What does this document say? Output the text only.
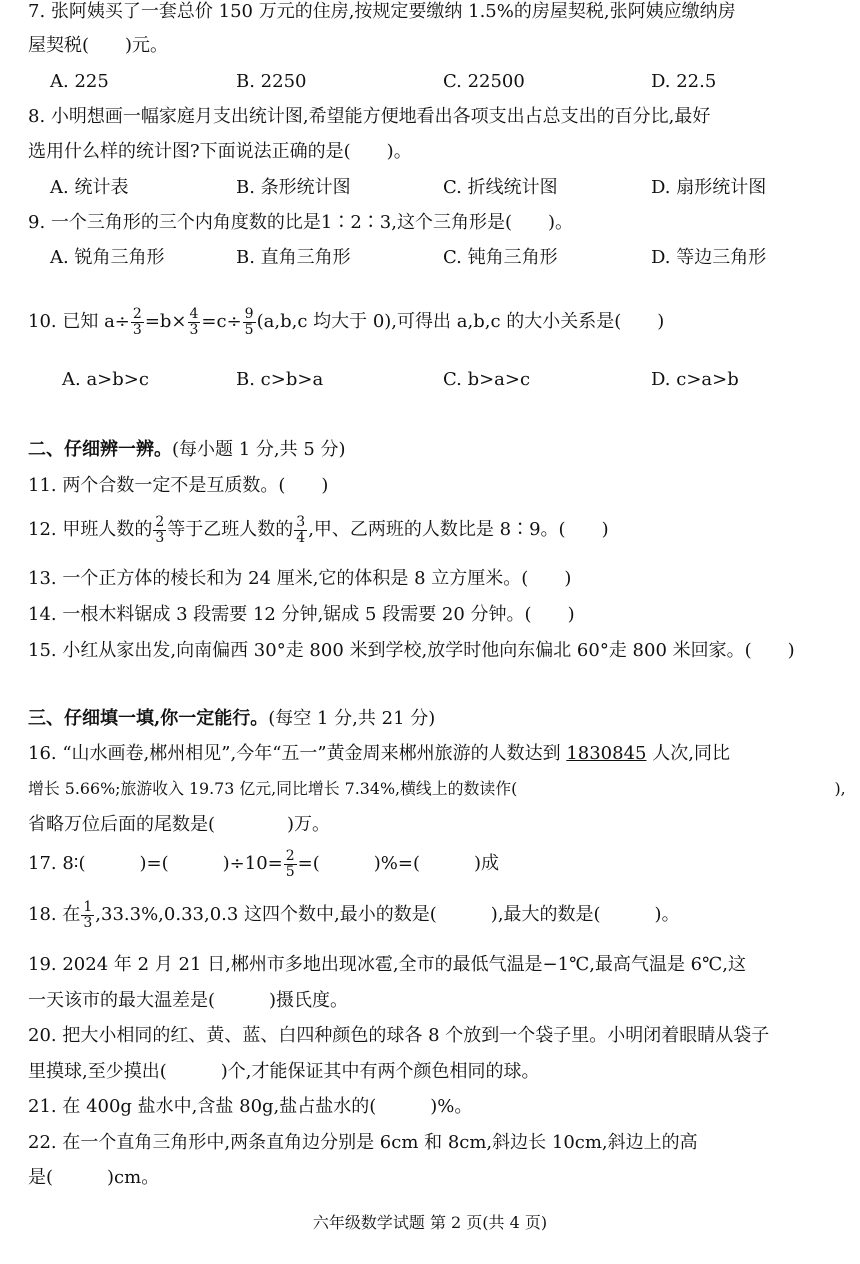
7. 张阿姨买了一套总价 150 万元的住房,按规定要缴纳 1.5%的房屋契税,张阿姨应缴纳房
屋契税(　　)元。
A. 225	B. 2250	C. 22500	D. 22.5
8. 小明想画一幅家庭月支出统计图,希望能方便地看出各项支出占总支出的百分比,最好
选用什么样的统计图?下面说法正确的是(　　)。
A. 统计表	B. 条形统计图	C. 折线统计图	D. 扇形统计图
9. 一个三角形的三个内角度数的比是1∶2∶3,这个三角形是(　　)。
A. 锐角三角形	B. 直角三角形	C. 钝角三角形	D. 等边三角形
10. 已知 $a\div \frac{2}{3} =b\times \frac{4}{3} =c\div \frac{9}{5} (a,b,c$ 均大于 0),可得出 a,b,c 的大小关系是(　　)
A. a>b>c	B. c>b>a	C. b>a>c	D. c>a>b
二、仔细辨一辨。(每小题 1 分,共 5 分)
11. 两个合数一定不是互质数。(　　)
12. 甲班人数的 $\frac{2}{3}$ 等于乙班人数的 $\frac{3}{4}$ ,甲、乙两班的人数比是 8∶9。(　　)
13. 一个正方体的棱长和为 24 厘米,它的体积是 8 立方厘米。(　　)
14. 一根木料锯成 3 段需要 12 分钟,锯成 5 段需要 20 分钟。(　　)
15. 小红从家出发,向南偏西 30°走 800 米到学校,放学时他向东偏北 60°走 800 米回家。(　　)
三、仔细填一填,你一定能行。(每空 1 分,共 21 分)
16. “山水画卷,郴州相见”,今年“五一”黄金周来郴州旅游的人数达到 1830845 人次,同比
增长 5.66%;旅游收入 19.73 亿元,同比增长 7.34%,横线上的数读作(　　　　　　　　　　　　　　　　　　　　),
省略万位后面的尾数是(　　　　)万。
17. 8∶(　　　)=(　　　)$\div 10= \frac{2}{5}$ =(　　　)%=(　　　)成
18. 在 $\frac{1}{3} ,33.3\%,0.33,0.3$ 这四个数中,最小的数是(　　　),最大的数是(　　　)。
19. 2024 年 2 月 21 日,郴州市多地出现冰雹,全市的最低气温是−1℃,最高气温是 6℃,这
一天该市的最大温差是(　　　)摄氏度。
20. 把大小相同的红、黄、蓝、白四种颜色的球各 8 个放到一个袋子里。小明闭着眼睛从袋子
里摸球,至少摸出(　　　)个,才能保证其中有两个颜色相同的球。
21. 在 400g 盐水中,含盐 80g,盐占盐水的(　　　)%。
22. 在一个直角三角形中,两条直角边分别是 6cm 和 8cm,斜边长 10cm,斜边上的高
是(　　　)cm。
六年级数学试题 第 2 页(共 4 页)
